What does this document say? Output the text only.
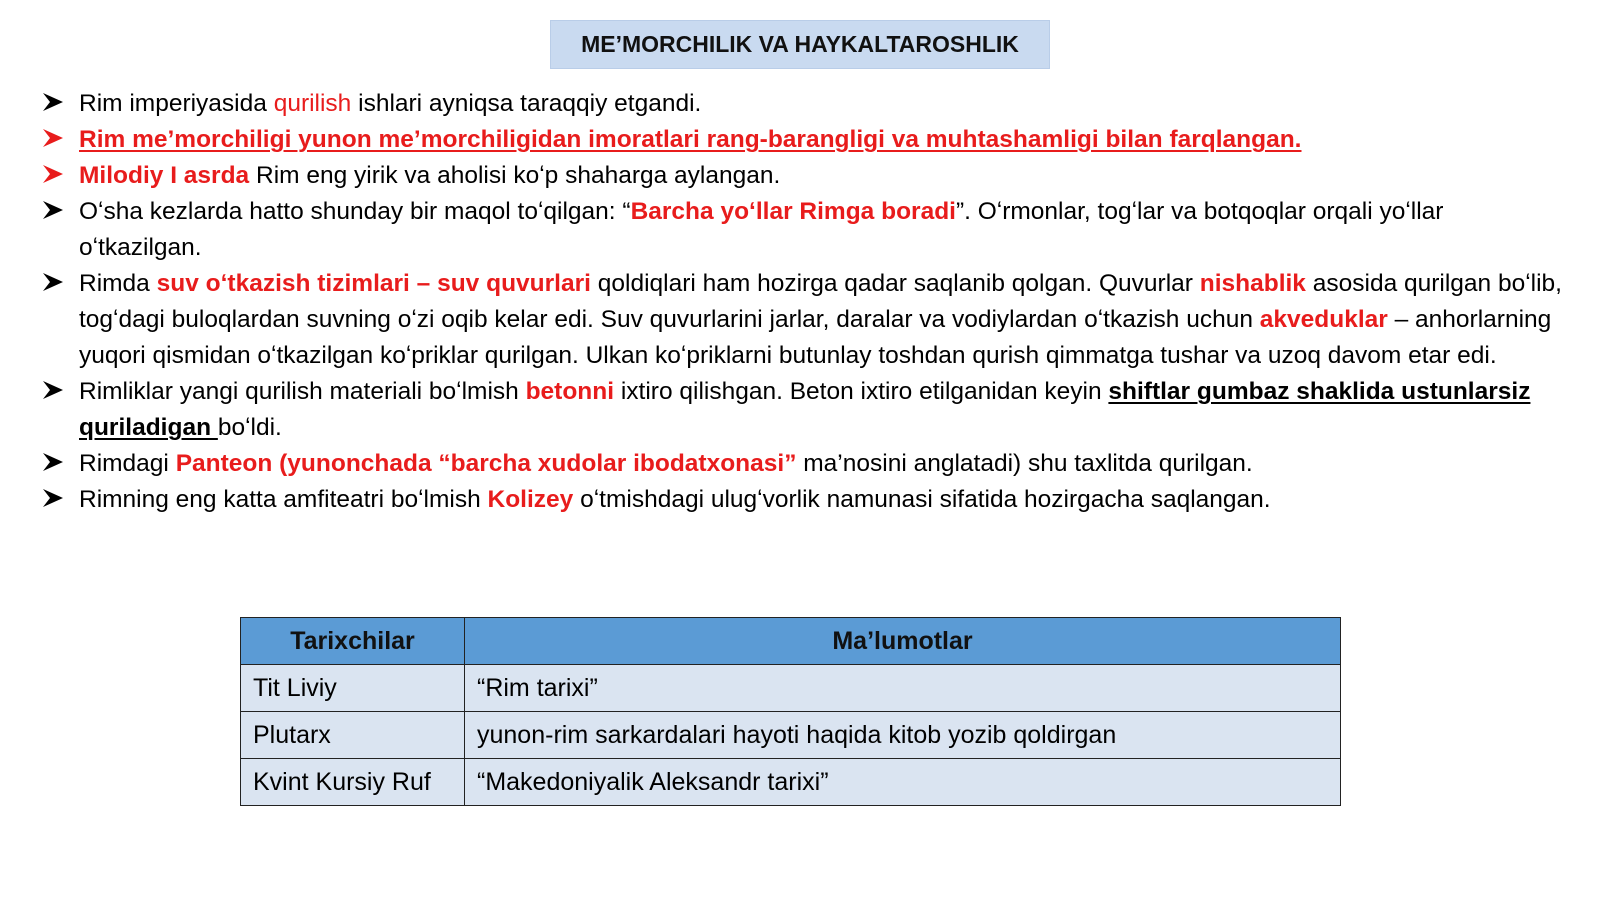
ME’MORCHILIK VA HAYKALTAROSHLIK
Rim imperiyasida qurilish ishlari ayniqsa taraqqiy etgandi.
Rim me’morchiligi yunon me’morchiligidan imoratlari rang-barangligi va muhtashamligi bilan farqlangan.
Milodiy I asrda Rim eng yirik va aholisi koʻp shaharga aylangan.
Oʻsha kezlarda hatto shunday bir maqol toʻqilgan: “Barcha yoʻllar Rimga boradi”. Oʻrmonlar, togʻlar va botqoqlar orqali yoʻllar oʻtkazilgan.
Rimda suv oʻtkazish tizimlari – suv quvurlari qoldiqlari ham hozirga qadar saqlanib qolgan. Quvurlar nishablik asosida qurilgan boʻlib, togʻdagi buloqlardan suvning oʻzi oqib kelar edi. Suv quvurlarini jarlar, daralar va vodiylardan oʻtkazish uchun akveduklar – anhorlarning yuqori qismidan oʻtkazilgan koʻpriklar qurilgan. Ulkan koʻpriklarni butunlay toshdan qurish qimmatga tushar va uzoq davom etar edi.
Rimliklar yangi qurilish materiali boʻlmish betonni ixtiro qilishgan. Beton ixtiro etilganidan keyin shiftlar gumbaz shaklida ustunlarsiz quriladigan boʻldi.
Rimdagi Panteon (yunonchada “barcha xudolar ibodatxonasi” ma’nosini anglatadi) shu taxlitda qurilgan.
Rimning eng katta amfiteatri boʻlmish Kolizey oʻtmishdagi ulugʻvorlik namunasi sifatida hozirgacha saqlangan.
Tarixchilar	Ma’lumotlar
Tit Liviy	“Rim tarixi”
Plutarx	yunon-rim sarkardalari hayoti haqida kitob yozib qoldirgan
Kvint Kursiy Ruf	“Makedoniyalik Aleksandr tarixi”
